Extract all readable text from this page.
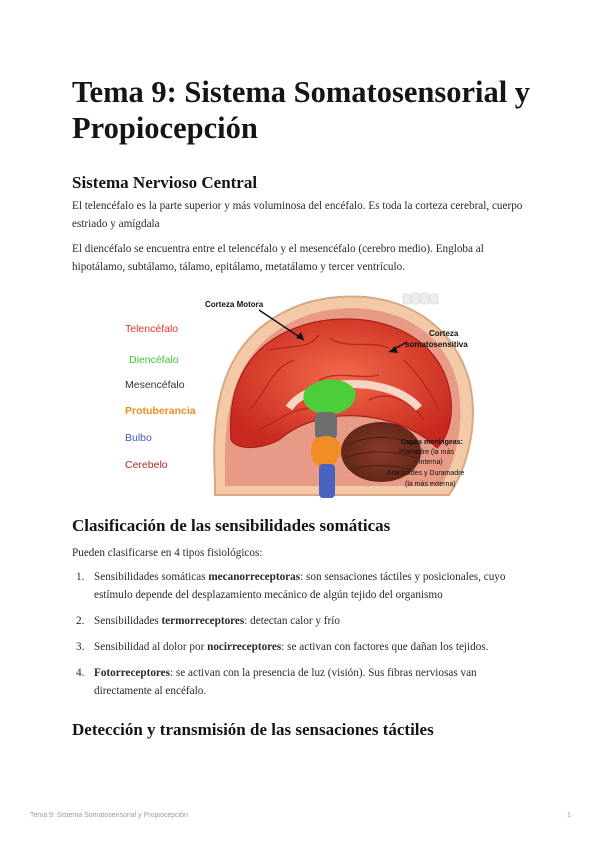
Tema 9: Sistema Somatosensorial y Propiocepción
Sistema Nervioso Central

El telencéfalo es la parte superior y más voluminosa del encéfalo. Es toda la corteza cerebral, cuerpo estriado y amígdala

El diencéfalo se encuentra entre el telencéfalo y el mesencéfalo (cerebro medio). Engloba al hipotálamo, subtálamo, tálamo, epitálamo, metatálamo y tercer ventrículo.

Telencéfalo
Diencéfalo
Mesencéfalo
Protuberancia
Bulbo
Cerebelo
Corteza Motora
Corteza
somatosensitiva
Capas meníngeas:
Piamadre (la más
interna)
Aracnoides y Duramadre
(la más externa)
Clasificación de las sensibilidades somáticas

Pueden clasificarse en 4 tipos fisiológicos:

1. Sensibilidades somáticas mecanorreceptoras: son sensaciones táctiles y posicionales, cuyo estímulo depende del desplazamiento mecánico de algún tejido del organismo
2. Sensibilidades termorreceptores: detectan calor y frío
3. Sensibilidad al dolor por nocirreceptores: se activan con factores que dañan los tejidos.
4. Fotorreceptores: se activan con la presencia de luz (visión). Sus fibras nerviosas van directamente al encéfalo.
Detección y transmisión de las sensaciones táctiles
Tema 9: Sistema Somatosensorial y Propiocepción	1
